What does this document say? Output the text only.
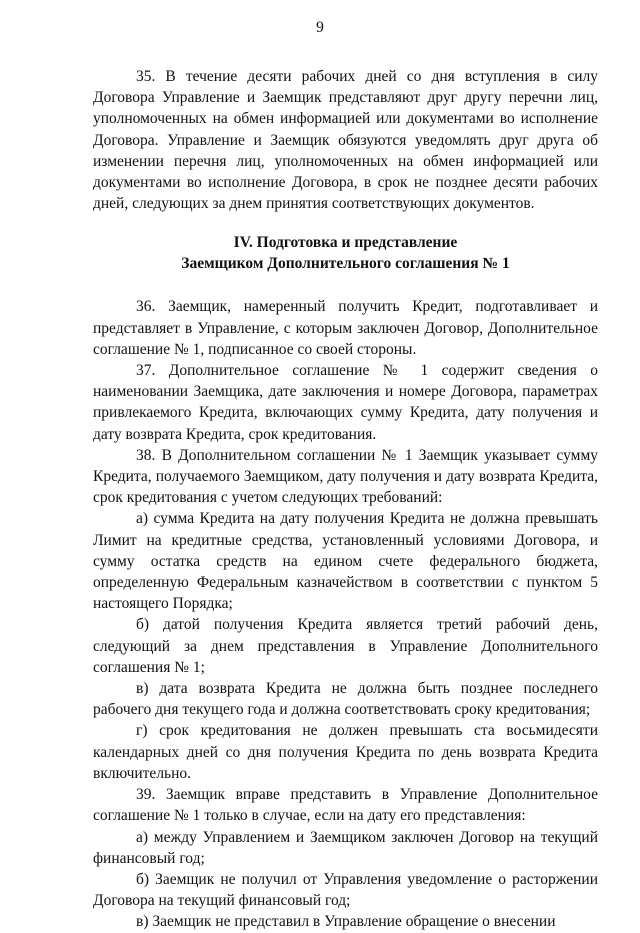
9

35. В течение десяти рабочих дней со дня вступления в силу Договора Управление и Заемщик представляют друг другу перечни лиц, уполномоченных на обмен информацией или документами во исполнение Договора. Управление и Заемщик обязуются уведомлять друг друга об изменении перечня лиц, уполномоченных на обмен информацией или документами во исполнение Договора, в срок не позднее десяти рабочих дней, следующих за днем принятия соответствующих документов.

IV. Подготовка и представление
Заемщиком Дополнительного соглашения № 1

36. Заемщик, намеренный получить Кредит, подготавливает и представляет в Управление, с которым заключен Договор, Дополнительное соглашение № 1, подписанное со своей стороны.

37. Дополнительное соглашение № 1 содержит сведения о наименовании Заемщика, дате заключения и номере Договора, параметрах привлекаемого Кредита, включающих сумму Кредита, дату получения и дату возврата Кредита, срок кредитования.

38. В Дополнительном соглашении № 1 Заемщик указывает сумму Кредита, получаемого Заемщиком, дату получения и дату возврата Кредита, срок кредитования с учетом следующих требований:

а) сумма Кредита на дату получения Кредита не должна превышать Лимит на кредитные средства, установленный условиями Договора, и сумму остатка средств на едином счете федерального бюджета, определенную Федеральным казначейством в соответствии с пунктом 5 настоящего Порядка;

б) датой получения Кредита является третий рабочий день, следующий за днем представления в Управление Дополнительного соглашения № 1;

в) дата возврата Кредита не должна быть позднее последнего рабочего дня текущего года и должна соответствовать сроку кредитования;

г) срок кредитования не должен превышать ста восьмидесяти календарных дней со дня получения Кредита по день возврата Кредита включительно.

39. Заемщик вправе представить в Управление Дополнительное соглашение № 1 только в случае, если на дату его представления:

а) между Управлением и Заемщиком заключен Договор на текущий финансовый год;

б) Заемщик не получил от Управления уведомление о расторжении Договора на текущий финансовый год;

в) Заемщик не представил в Управление обращение о внесении
